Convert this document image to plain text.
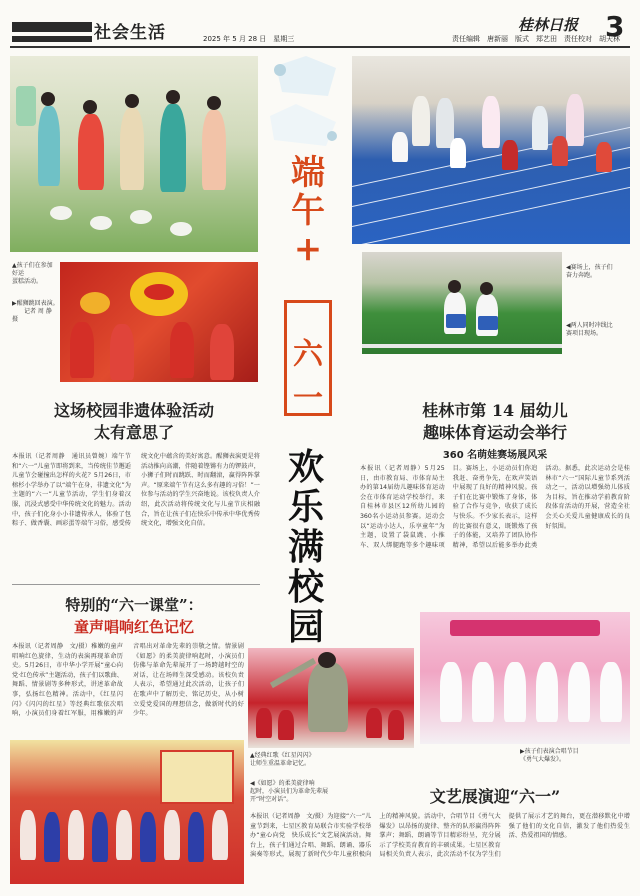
社会生活	2025 年 5 月 28 日　星期三	责任编辑　唐新丽　版式　郑艺田　责任校对　胡天林
桂林日报 3
▲孩子们在参加好运
蛋糕活动。
▶醒狮跳回表演。
　　记者 周 静　摄
端午+
六一
欢乐满校园
◀赛场上，孩子们
奋力奔跑。
◀两人同时冲线比
赛项目现场。
这场校园非遗体验活动
太有意思了
本报讯（记者周静　通讯员曾婉）端午节和“六一”儿童节即将到来，当传统佳节邂逅儿童节会碰撞出怎样的火花？5月26日，市榕杉小学举办了以“端午在身，非遗文化”为主题的“六一”儿童节活动，学生们身着汉服，沉浸式感受中华传统文化的魅力。活动中，孩子们化身小小非遗传承人，体验了包粽子、做香囊、画彩蛋等端午习俗，感受传统文化中蕴含的美好寓意。醒狮表演更是将活动推向高潮，伴随着铿锵有力的锣鼓声，小狮子们时而跳跃、时而翻滚，赢得阵阵掌声。“原来端午节有这么多有趣的习俗！”一位参与活动的学生兴奋地说。该校负责人介绍，此次活动将传统文化与儿童节庆相融合，旨在让孩子们在快乐中传承中华优秀传统文化，增强文化自信。
桂林市第 14 届幼儿
趣味体育运动会举行
360 名萌娃赛场展风采
本报讯（记者周静）5月25日，由市教育局、市体育局主办的第14届幼儿趣味体育运动会在市体育运动学校举行，来自桂林市县区12所幼儿园的360名小运动员参赛。运动会以“运动小达人，乐享童年”为主题，设置了袋鼠跳、小推车、双人绑腿跑等多个趣味项目。赛场上，小运动员们你追我赶、奋勇争先，在欢声笑语中展现了良好的精神风貌。孩子们在比赛中锻炼了身体，体验了合作与竞争，收获了成长与快乐。不少家长表示，这样的比赛很有意义，既锻炼了孩子的体能，又培养了团队协作精神，希望以后能多举办此类活动。据悉，此次运动会是桂林市“六一”国际儿童节系列活动之一，活动以增强幼儿体质为目标，旨在推动学前教育阶段体育活动的开展，营造全社会关心关爱儿童健康成长的良好氛围。
特别的“六一课堂”：
童声唱响红色记忆
本报讯（记者周静　文/摄）稚嫩的童声唱响红色旋律，生动的表演再现革命历史。5月26日，市中华小学开展“童心向党·红色传承”主题活动，孩子们以歌曲、舞蹈、情景剧等多种形式，讲述革命故事，弘扬红色精神。活动中，《红星闪闪》《闪闪的红星》等经典红歌依次唱响，小演员们身着红军服，用稚嫩的声音唱出对革命先辈的崇敬之情。情景剧《如愿》的柔美旋律响起时，小演员们仿佛与革命先辈展开了一场跨越时空的对话，让在场师生深受感动。该校负责人表示，希望通过此次活动，让孩子们在歌声中了解历史、铭记历史，从小树立爱党爱国的理想信念，做新时代的好少年。
▲经典红歌《红星闪闪》
让师生重温革命记忆。
◀《如愿》的柔美旋律响
起时，小演员们为革命先辈展
开“时空对话”。
▶孩子们表演合唱节目
《勇气大爆发》。
文艺展演迎“六一”
本报讯（记者周静　文/摄）为迎接“六一”儿童节到来，七星区教育局联合市实验学校举办“童心向党　快乐成长”文艺展演活动。舞台上，孩子们通过合唱、舞蹈、朗诵、器乐演奏等形式，展现了新时代少年儿童积极向上的精神风貌。活动中，合唱节目《勇气大爆发》以昂扬的旋律、整齐的队形赢得阵阵掌声；舞蹈、朗诵等节目精彩纷呈，充分展示了学校美育教育的丰硕成果。七星区教育局相关负责人表示，此次活动不仅为学生们提供了展示才艺的舞台，更在潜移默化中增强了他们的文化自信，激发了他们热爱生活、热爱祖国的情感。
